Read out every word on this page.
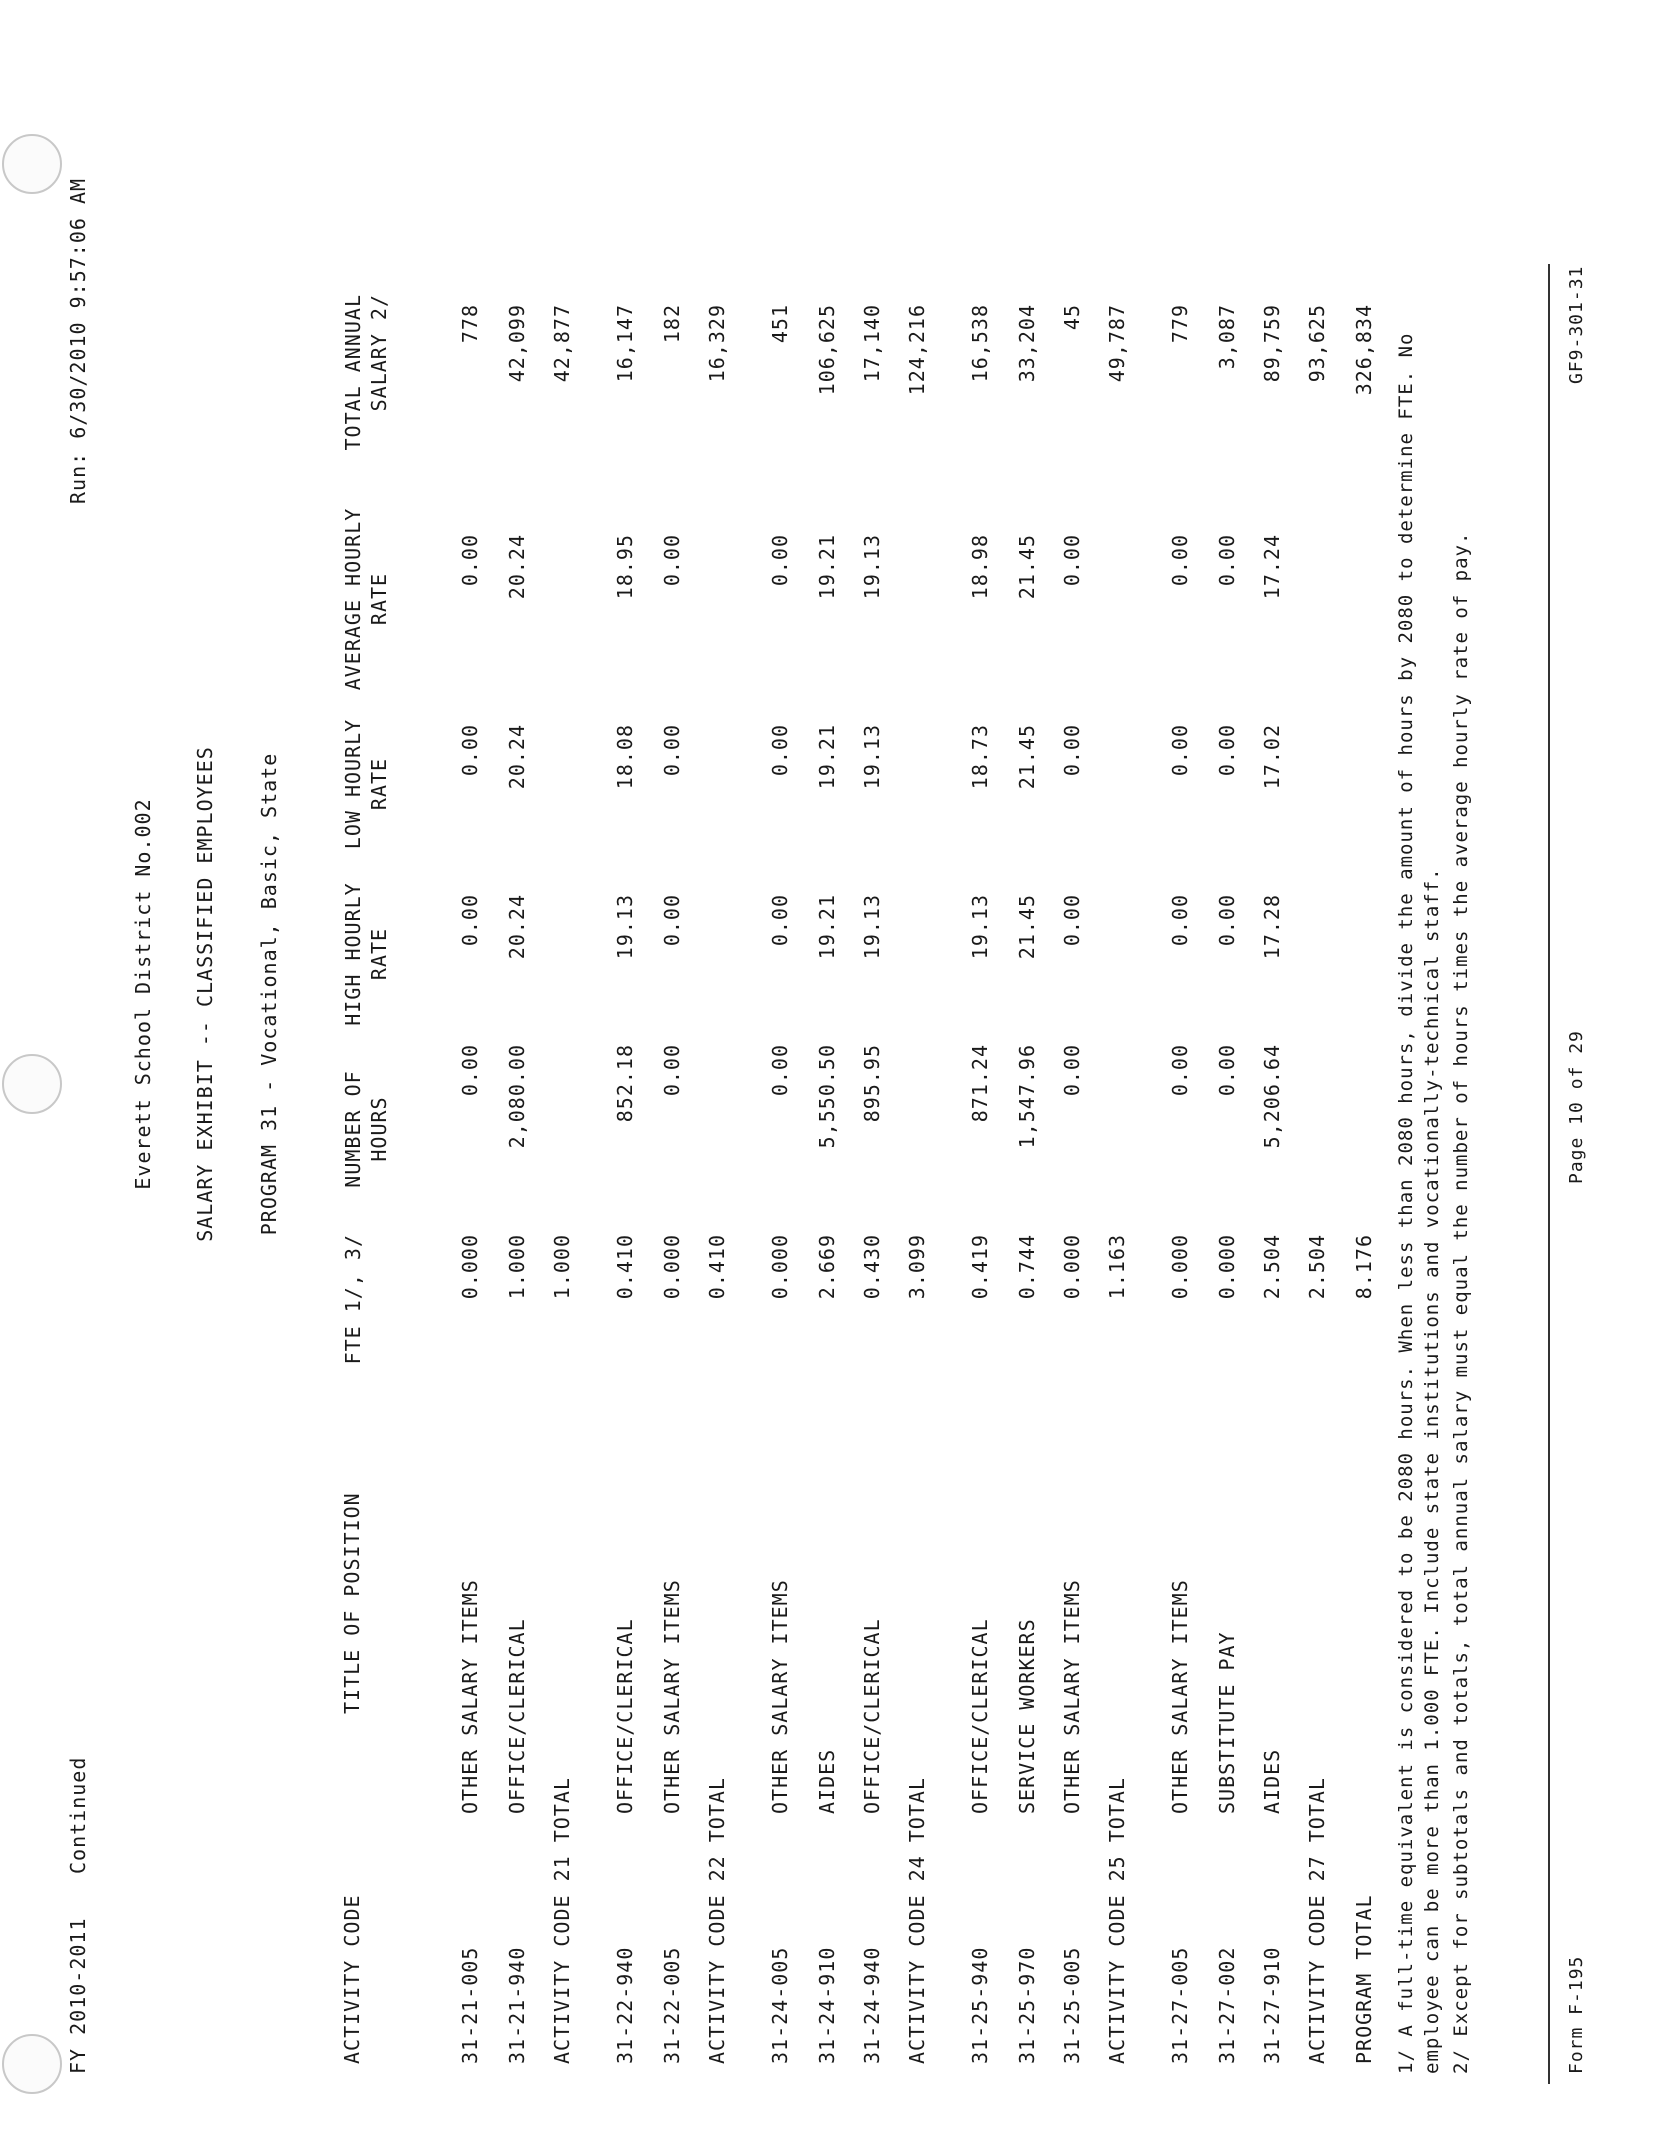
FY 2010-2011
Continued
Run: 6/30/2010 9:57:06 AM
Everett School District No.002 SALARY EXHIBIT -- CLASSIFIED EMPLOYEES PROGRAM 31 - Vocational, Basic, State
ACTIVITY CODE
TITLE OF POSITION
FTE 1/, 3/
NUMBER OF
HOURS
HIGH HOURLY
RATE
LOW HOURLY
RATE
AVERAGE HOURLY
RATE
TOTAL ANNUAL
SALARY 2/
31-21-005
OTHER SALARY ITEMS
0.000
0.00
0.00
0.00
0.00
778
31-21-940
OFFICE/CLERICAL
1.000
2,080.00
20.24
20.24
20.24
42,099
ACTIVITY CODE 21 TOTAL
1.000
42,877
31-22-940
OFFICE/CLERICAL
0.410
852.18
19.13
18.08
18.95
16,147
31-22-005
OTHER SALARY ITEMS
0.000
0.00
0.00
0.00
0.00
182
ACTIVITY CODE 22 TOTAL
0.410
16,329
31-24-005
OTHER SALARY ITEMS
0.000
0.00
0.00
0.00
0.00
451
31-24-910
AIDES
2.669
5,550.50
19.21
19.21
19.21
106,625
31-24-940
OFFICE/CLERICAL
0.430
895.95
19.13
19.13
19.13
17,140
ACTIVITY CODE 24 TOTAL
3.099
124,216
31-25-940
OFFICE/CLERICAL
0.419
871.24
19.13
18.73
18.98
16,538
31-25-970
SERVICE WORKERS
0.744
1,547.96
21.45
21.45
21.45
33,204
31-25-005
OTHER SALARY ITEMS
0.000
0.00
0.00
0.00
0.00
45
ACTIVITY CODE 25 TOTAL
1.163
49,787
31-27-005
OTHER SALARY ITEMS
0.000
0.00
0.00
0.00
0.00
779
31-27-002
SUBSTITUTE PAY
0.000
0.00
0.00
0.00
0.00
3,087
31-27-910
AIDES
2.504
5,206.64
17.28
17.02
17.24
89,759
ACTIVITY CODE 27 TOTAL
2.504
93,625
PROGRAM TOTAL
8.176
326,834 1/ A full-time equivalent is considered to be 2080 hours. When less than 2080 hours, divide the amount of hours by 2080 to determine FTE. No employee can be more than 1.000 FTE. Include state institutions and vocationally-technical staff. 2/ Except for subtotals and totals, total annual salary must equal the number of hours times the average hourly rate of pay.	Form F-195
Page 10 of 29
GF9-301-31
